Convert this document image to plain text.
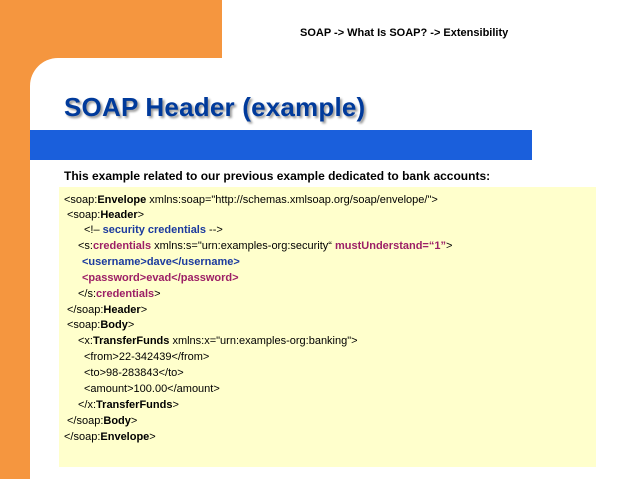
SOAP -> What Is SOAP? -> Extensibility
SOAP Header (example)
This example related to our previous example dedicated to bank accounts:
<soap:Envelope xmlns:soap="http://schemas.xmlsoap.org/soap/envelope/">
<soap:Header>
<!– security credentials -->
<s:credentials xmlns:s="urn:examples-org:security“ mustUnderstand=“1”>
<username>dave</username>
<password>evad</password>
</s:credentials>
</soap:Header>
<soap:Body>
<x:TransferFunds xmlns:x="urn:examples-org:banking">
<from>22-342439</from>
<to>98-283843</to>
<amount>100.00</amount>
</x:TransferFunds>
</soap:Body>
</soap:Envelope>
